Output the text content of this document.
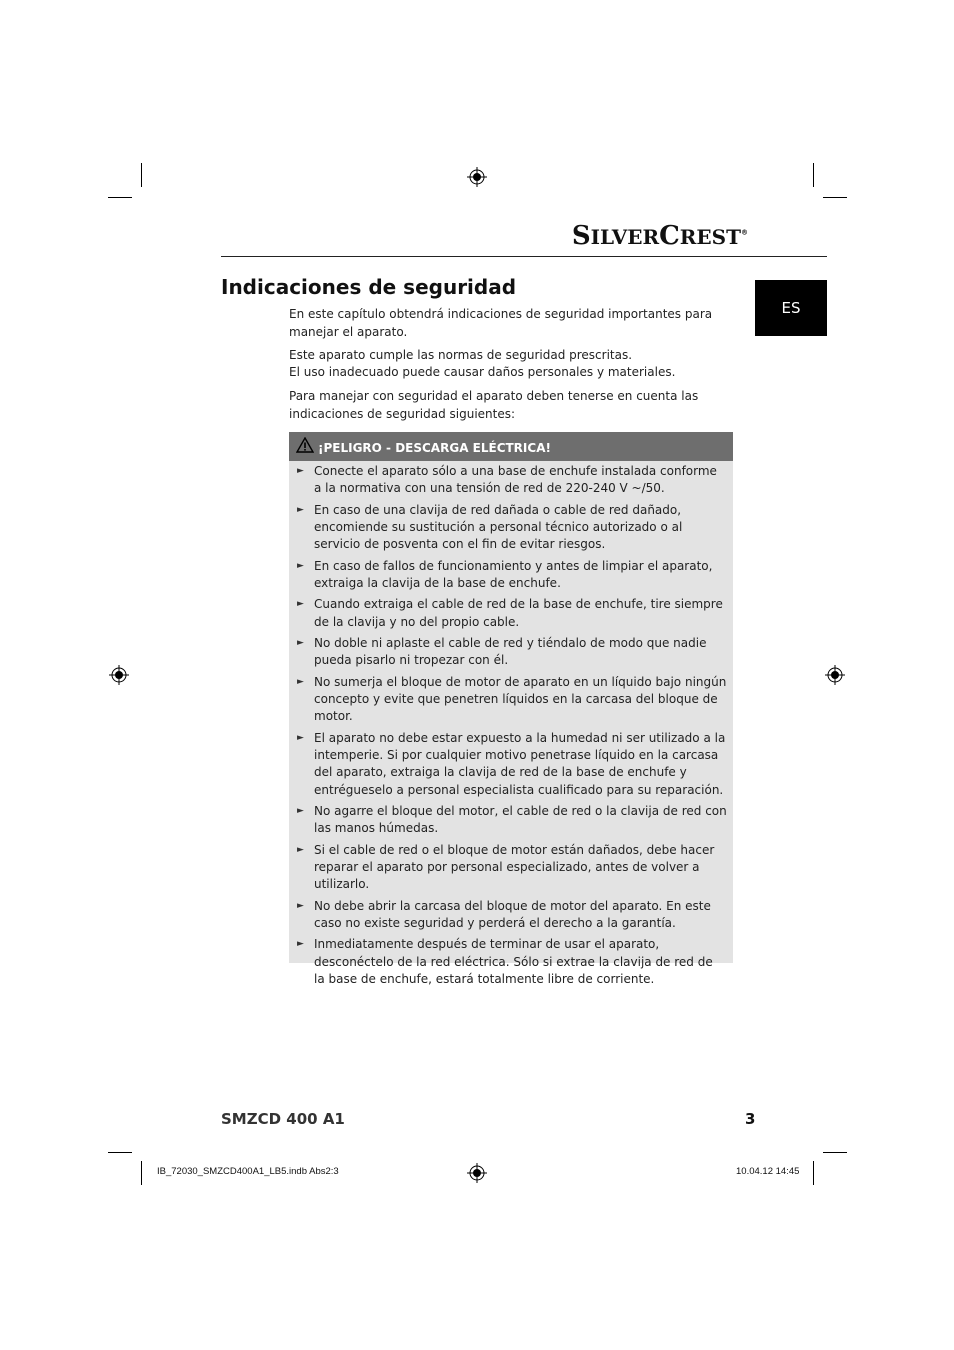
SILVERCREST®
ES
Indicaciones de seguridad

En este capítulo obtendrá indicaciones de seguridad importantes para manejar el aparato.

Este aparato cumple las normas de seguridad prescritas.

El uso inadecuado puede causar daños personales y materiales.

Para manejar con seguridad el aparato deben tenerse en cuenta las indicaciones de seguridad siguientes:

¡PELIGRO - DESCARGA ELÉCTRICA!
► Conecte el aparato sólo a una base de enchufe instalada conforme a la normativa con una tensión de red de 220-240 V ~/50.
► En caso de una clavija de red dañada o cable de red dañado, encomiende su sustitución a personal técnico autorizado o al servicio de posventa con el fin de evitar riesgos.
► En caso de fallos de funcionamiento y antes de limpiar el aparato, extraiga la clavija de la base de enchufe.
► Cuando extraiga el cable de red de la base de enchufe, tire siempre de la clavija y no del propio cable.
► No doble ni aplaste el cable de red y tiéndalo de modo que nadie pueda pisarlo ni tropezar con él.
► No sumerja el bloque de motor de aparato en un líquido bajo ningún concepto y evite que penetren líquidos en la carcasa del bloque de motor.
► El aparato no debe estar expuesto a la humedad ni ser utilizado a la intemperie. Si por cualquier motivo penetrase líquido en la carcasa del aparato, extraiga la clavija de red de la base de enchufe y entrégueselo a personal especialista cualificado para su reparación.
► No agarre el bloque del motor, el cable de red o la clavija de red con las manos húmedas.
► Si el cable de red o el bloque de motor están dañados, debe hacer reparar el aparato por personal especializado, antes de volver a utilizarlo.
► No debe abrir la carcasa del bloque de motor del aparato. En este caso no existe seguridad y perderá el derecho a la garantía.
► Inmediatamente después de terminar de usar el aparato, desconéctelo de la red eléctrica. Sólo si extrae la clavija de red de la base de enchufe, estará totalmente libre de corriente.
SMZCD 400 A1	3
IB_72030_SMZCD400A1_LB5.indb Abs2:3	10.04.12 14:45
